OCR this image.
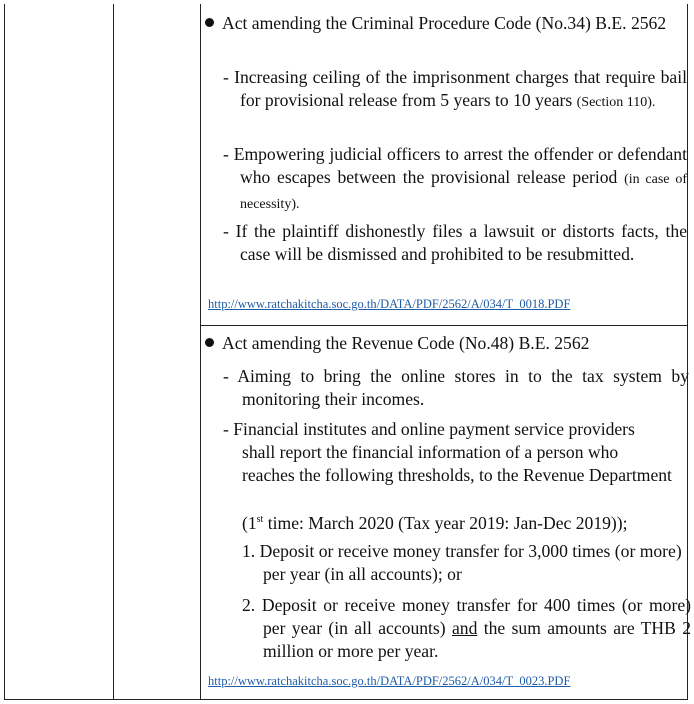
Act amending the Criminal Procedure Code (No.34) B.E. 2562
- Increasing ceiling of the imprisonment charges that require bail for provisional release from 5 years to 10 years (Section 110).
- Empowering judicial officers to arrest the offender or defendant who escapes between the provisional release period (in case of necessity).
- If the plaintiff dishonestly files a lawsuit or distorts facts, the case will be dismissed and prohibited to be resubmitted.
http://www.ratchakitcha.soc.go.th/DATA/PDF/2562/A/034/T_0018.PDF
Act amending the Revenue Code (No.48) B.E. 2562
- Aiming to bring the online stores in to the tax system by monitoring their incomes.
- Financial institutes and online payment service providers shall report the financial information of a person who reaches the following thresholds, to the Revenue Department
(1st time: March 2020 (Tax year 2019: Jan-Dec 2019));
1. Deposit or receive money transfer for 3,000 times (or more) per year (in all accounts); or
2. Deposit or receive money transfer for 400 times (or more) per year (in all accounts) and the sum amounts are THB 2 million or more per year.
http://www.ratchakitcha.soc.go.th/DATA/PDF/2562/A/034/T_0023.PDF
